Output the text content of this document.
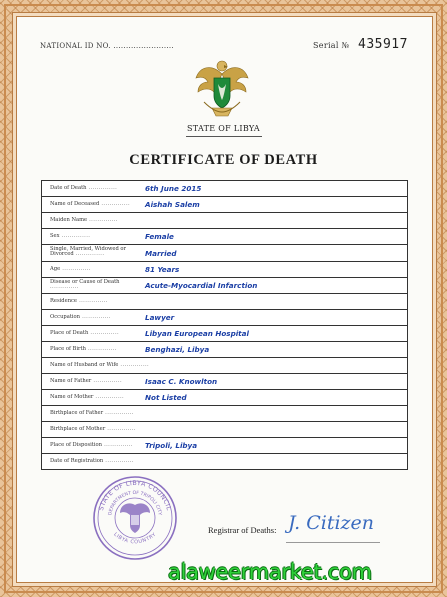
NATIONAL ID NO. ........................	Serial № 435917
STATE OF LIBYA
CERTIFICATE OF DEATH
Date of Death ..............	6th June 2015
Name of Deceased ..............	Aishah Salem
Maiden Name ..............
Sex ..............	Female
Single, Married, Widowed or Divorced ..............	Married
Age ..............	81 Years
Disease or Cause of Death ..............	Acute-Myocardial Infarction
Residence ..............
Occupation ..............	Lawyer
Place of Death ..............	Libyan European Hospital
Place of Birth ..............	Benghazi, Libya
Name of Husband or Wife ..............
Name of Father ..............	Isaac C. Knowlton
Name of Mother ..............	Not Listed
Birthplace of Father ..............
Birthplace of Mother ..............
Place of Disposition ..............	Tripoli, Libya
Date of Registration ..............
STATE OF LIBYA COUNCIL
DEPARTMENT OF TRIPOLI CITY
LIBYA COUNTRY	Registrar of Deaths: J. Citizen
alaweermarket.com
